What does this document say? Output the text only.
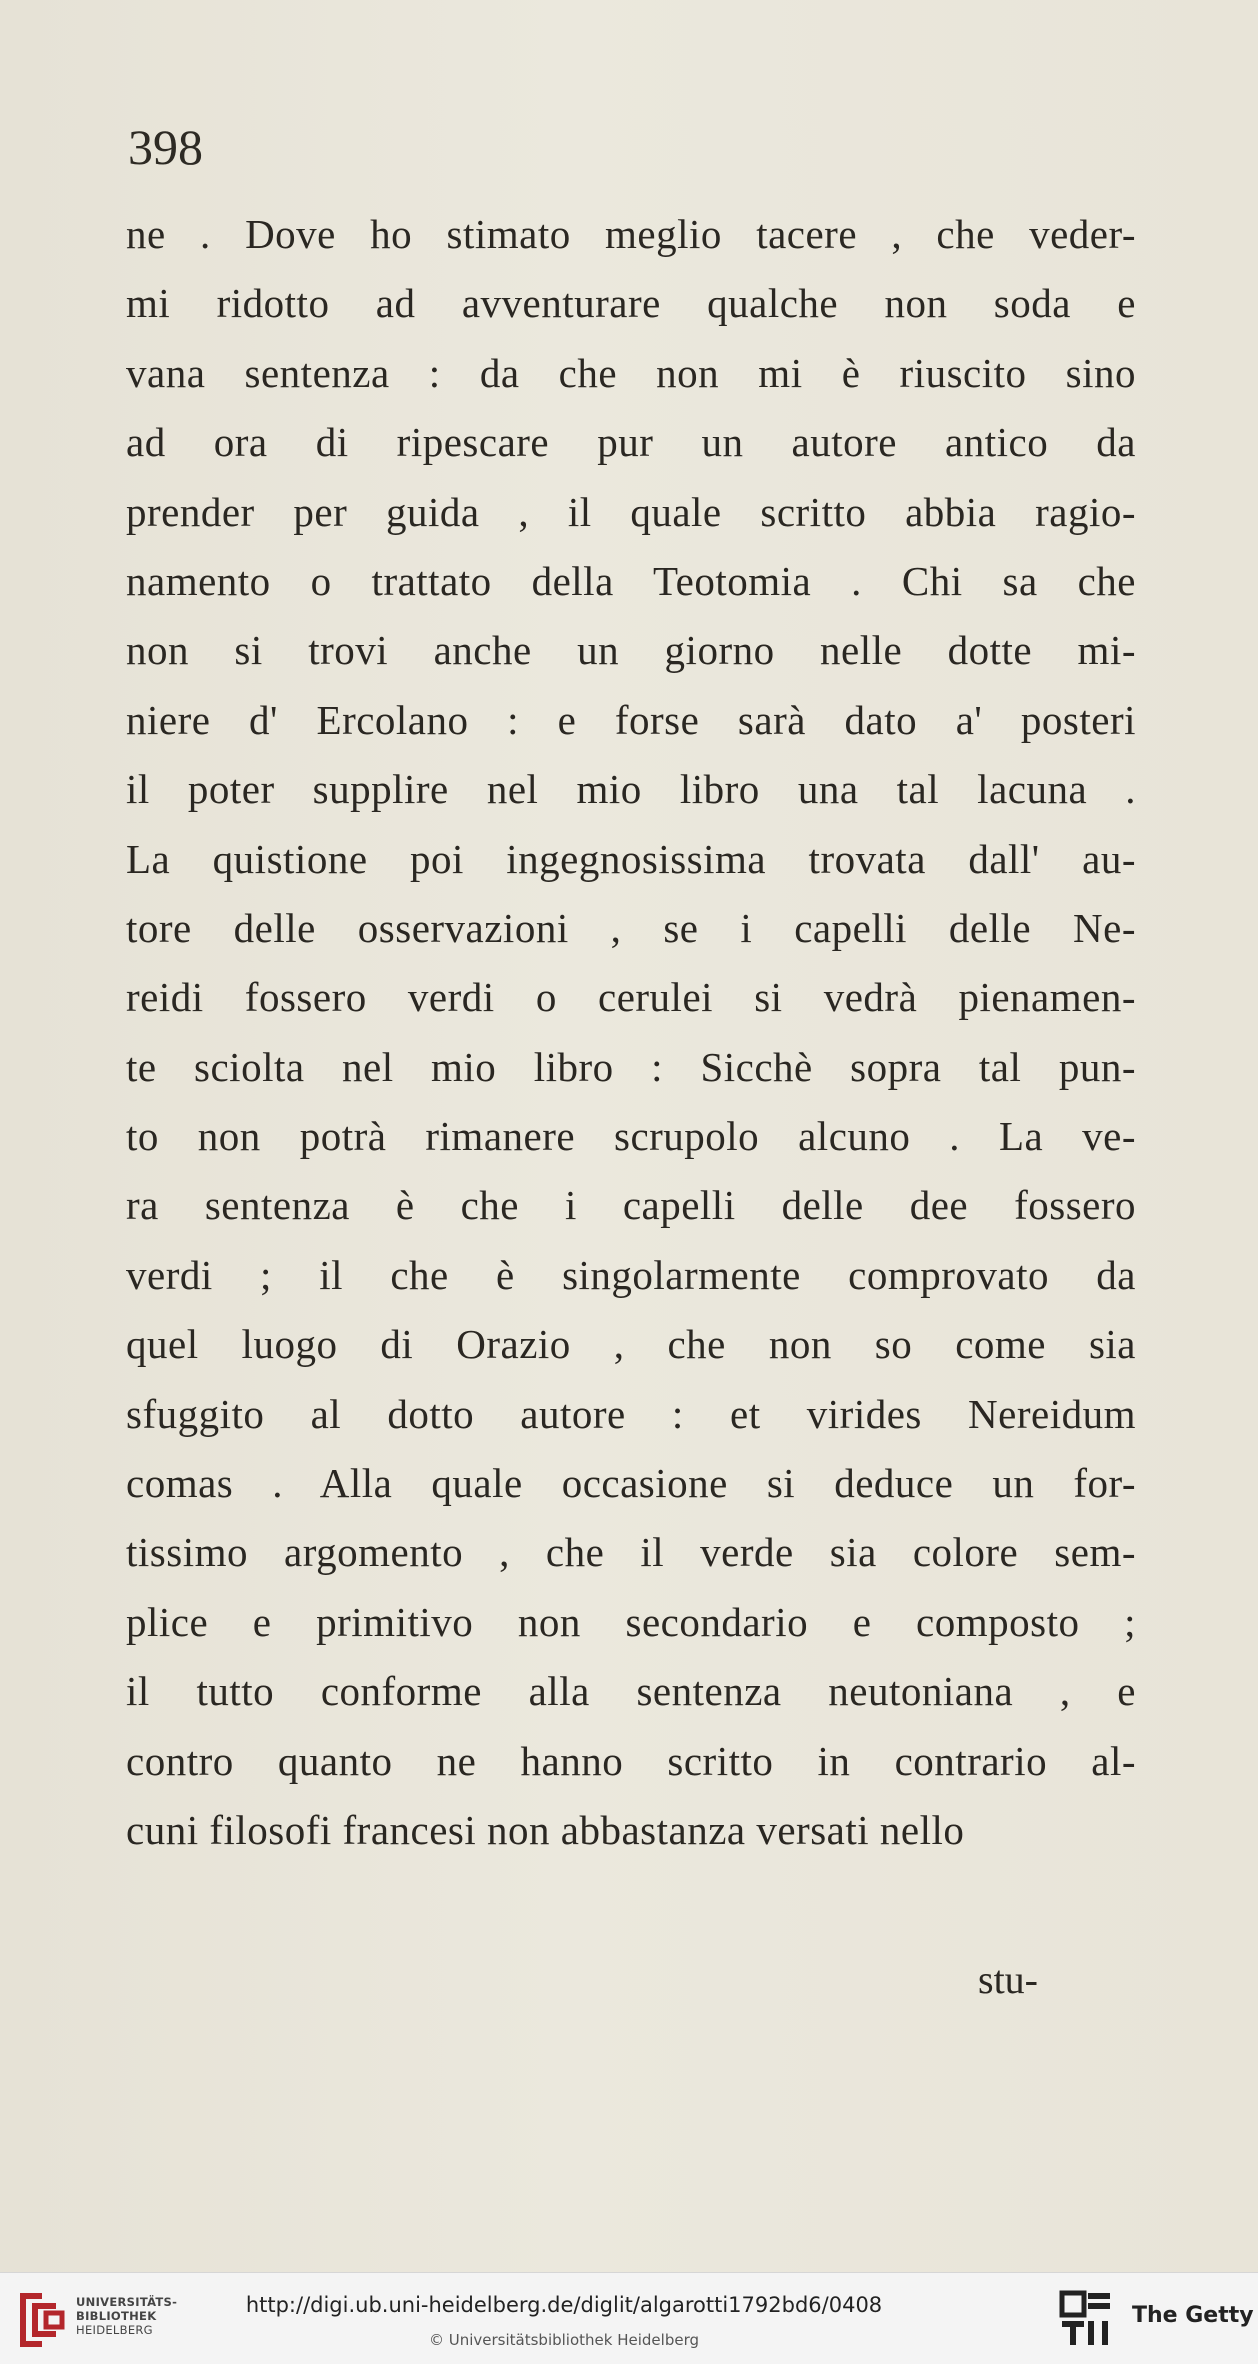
398
ne . Dove ho stimato meglio tacere , che veder-
mi ridotto ad avventurare qualche non soda e
vana sentenza : da che non mi è riuscito sino
ad ora di ripescare pur un autore antico da
prender per guida , il quale scritto abbia ragio-
namento o trattato della Teotomia . Chi sa che
non si trovi anche un giorno nelle dotte mi-
niere d' Ercolano : e forse sarà dato a' posteri
il poter supplire nel mio libro una tal lacuna .
La quistione poi ingegnosissima trovata dall' au-
tore delle osservazioni , se i capelli delle Ne-
reidi fossero verdi o cerulei si vedrà pienamen-
te sciolta nel mio libro : Sicchè sopra tal pun-
to non potrà rimanere scrupolo alcuno . La ve-
ra sentenza è che i capelli delle dee fossero
verdi ; il che è singolarmente comprovato da
quel luogo di Orazio , che non so come sia
sfuggito al dotto autore : et virides Nereidum
comas . Alla quale occasione si deduce un for-
tissimo argomento , che il verde sia colore sem-
plice e primitivo non secondario e composto ;
il tutto conforme alla sentenza neutoniana , e
contro quanto ne hanno scritto in contrario al-
cuni filosofi francesi non abbastanza versati nello
stu-
UNIVERSITÄTS-
BIBLIOTHEK
HEIDELBERG
http://digi.ub.uni-heidelberg.de/diglit/algarotti1792bd6/0408
© Universitätsbibliothek Heidelberg
The Getty
